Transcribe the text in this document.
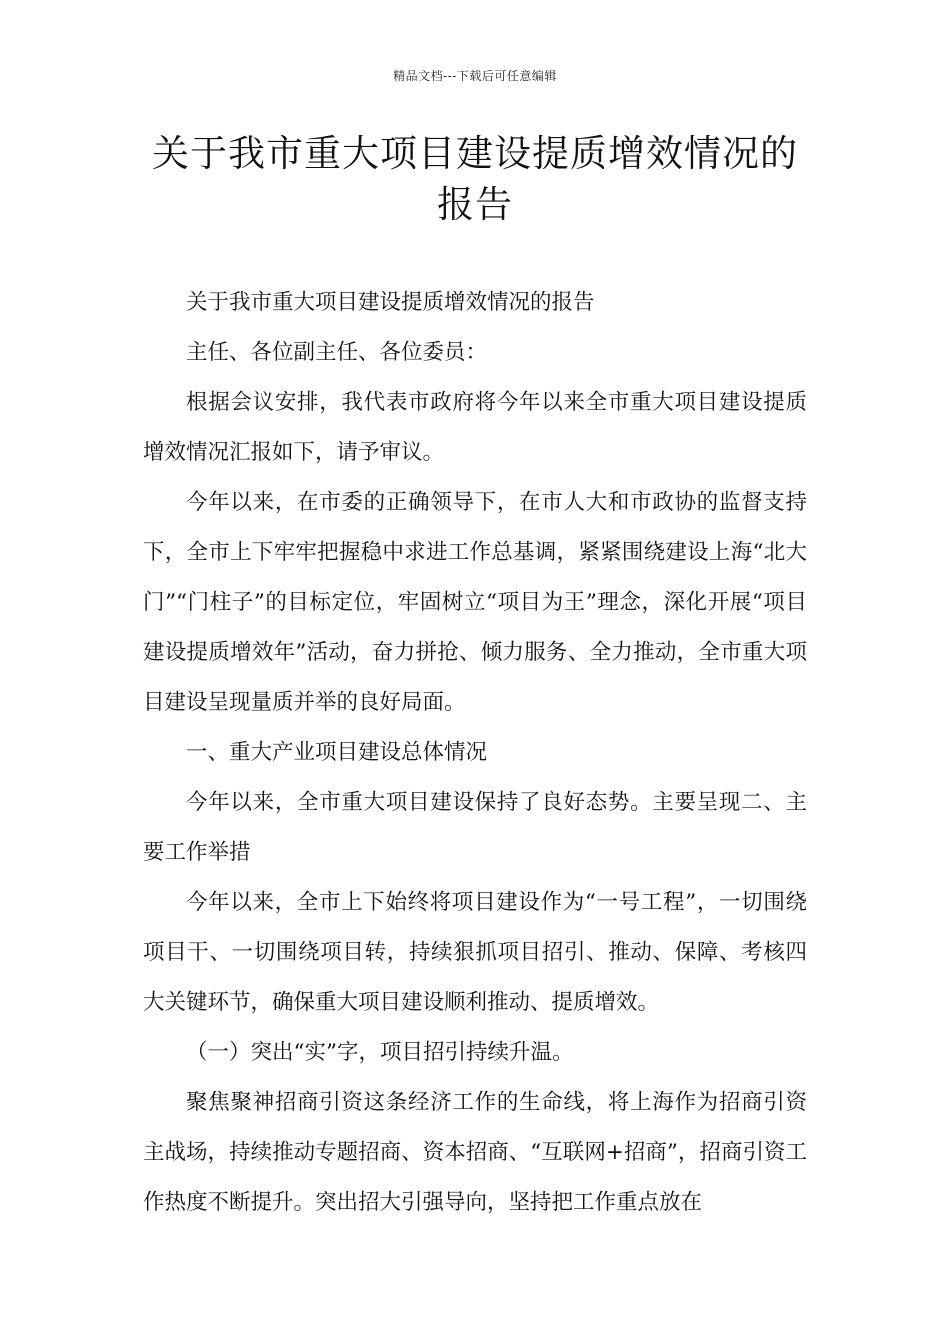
精品文档---下载后可任意编辑
关于我市重大项目建设提质增效情况的报告

关于我市重大项目建设提质增效情况的报告

主任、各位副主任、各位委员：

根据会议安排，我代表市政府将今年以来全市重大项目建设提质增效情况汇报如下，请予审议。

今年以来，在市委的正确领导下，在市人大和市政协的监督支持下，全市上下牢牢把握稳中求进工作总基调，紧紧围绕建设上海“北大门”“门柱子”的目标定位，牢固树立“项目为王”理念，深化开展“项目建设提质增效年”活动，奋力拼抢、倾力服务、全力推动，全市重大项目建设呈现量质并举的良好局面。

一、重大产业项目建设总体情况

今年以来，全市重大项目建设保持了良好态势。主要呈现二、主要工作举措

今年以来，全市上下始终将项目建设作为“一号工程”，一切围绕项目干、一切围绕项目转，持续狠抓项目招引、推动、保障、考核四大关键环节，确保重大项目建设顺利推动、提质增效。

（一）突出“实”字，项目招引持续升温。

聚焦聚神招商引资这条经济工作的生命线，将上海作为招商引资主战场，持续推动专题招商、资本招商、“互联网+招商”，招商引资工作热度不断提升。突出招大引强导向，坚持把工作重点放在
